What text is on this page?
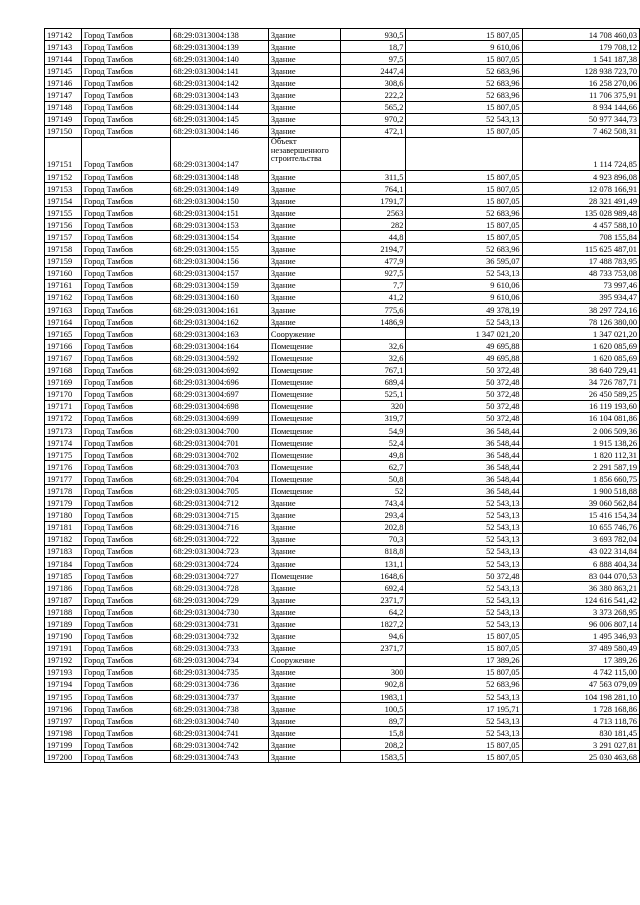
197142	Город Тамбов	68:29:0313004:138	Здание	930,5	15 807,05	14 708 460,03
197143	Город Тамбов	68:29:0313004:139	Здание	18,7	9 610,06	179 708,12
197144	Город Тамбов	68:29:0313004:140	Здание	97,5	15 807,05	1 541 187,38
197145	Город Тамбов	68:29:0313004:141	Здание	2447,4	52 683,96	128 938 723,70
197146	Город Тамбов	68:29:0313004:142	Здание	308,6	52 683,96	16 258 270,06
197147	Город Тамбов	68:29:0313004:143	Здание	222,2	52 683,96	11 706 375,91
197148	Город Тамбов	68:29:0313004:144	Здание	565,2	15 807,05	8 934 144,66
197149	Город Тамбов	68:29:0313004:145	Здание	970,2	52 543,13	50 977 344,73
197150	Город Тамбов	68:29:0313004:146	Здание	472,1	15 807,05	7 462 508,31
197151	Город Тамбов	68:29:0313004:147	Объект незавершенного строительства			1 114 724,85
197152	Город Тамбов	68:29:0313004:148	Здание	311,5	15 807,05	4 923 896,08
197153	Город Тамбов	68:29:0313004:149	Здание	764,1	15 807,05	12 078 166,91
197154	Город Тамбов	68:29:0313004:150	Здание	1791,7	15 807,05	28 321 491,49
197155	Город Тамбов	68:29:0313004:151	Здание	2563	52 683,96	135 028 989,48
197156	Город Тамбов	68:29:0313004:153	Здание	282	15 807,05	4 457 588,10
197157	Город Тамбов	68:29:0313004:154	Здание	44,8	15 807,05	708 155,84
197158	Город Тамбов	68:29:0313004:155	Здание	2194,7	52 683,96	115 625 487,01
197159	Город Тамбов	68:29:0313004:156	Здание	477,9	36 595,07	17 488 783,95
197160	Город Тамбов	68:29:0313004:157	Здание	927,5	52 543,13	48 733 753,08
197161	Город Тамбов	68:29:0313004:159	Здание	7,7	9 610,06	73 997,46
197162	Город Тамбов	68:29:0313004:160	Здание	41,2	9 610,06	395 934,47
197163	Город Тамбов	68:29:0313004:161	Здание	775,6	49 378,19	38 297 724,16
197164	Город Тамбов	68:29:0313004:162	Здание	1486,9	52 543,13	78 126 380,00
197165	Город Тамбов	68:29:0313004:163	Сооружение		1 347 021,20	1 347 021,20
197166	Город Тамбов	68:29:0313004:164	Помещение	32,6	49 695,88	1 620 085,69
197167	Город Тамбов	68:29:0313004:592	Помещение	32,6	49 695,88	1 620 085,69
197168	Город Тамбов	68:29:0313004:692	Помещение	767,1	50 372,48	38 640 729,41
197169	Город Тамбов	68:29:0313004:696	Помещение	689,4	50 372,48	34 726 787,71
197170	Город Тамбов	68:29:0313004:697	Помещение	525,1	50 372,48	26 450 589,25
197171	Город Тамбов	68:29:0313004:698	Помещение	320	50 372,48	16 119 193,60
197172	Город Тамбов	68:29:0313004:699	Помещение	319,7	50 372,48	16 104 081,86
197173	Город Тамбов	68:29:0313004:700	Помещение	54,9	36 548,44	2 006 509,36
197174	Город Тамбов	68:29:0313004:701	Помещение	52,4	36 548,44	1 915 138,26
197175	Город Тамбов	68:29:0313004:702	Помещение	49,8	36 548,44	1 820 112,31
197176	Город Тамбов	68:29:0313004:703	Помещение	62,7	36 548,44	2 291 587,19
197177	Город Тамбов	68:29:0313004:704	Помещение	50,8	36 548,44	1 856 660,75
197178	Город Тамбов	68:29:0313004:705	Помещение	52	36 548,44	1 900 518,88
197179	Город Тамбов	68:29:0313004:712	Здание	743,4	52 543,13	39 060 562,84
197180	Город Тамбов	68:29:0313004:715	Здание	293,4	52 543,13	15 416 154,34
197181	Город Тамбов	68:29:0313004:716	Здание	202,8	52 543,13	10 655 746,76
197182	Город Тамбов	68:29:0313004:722	Здание	70,3	52 543,13	3 693 782,04
197183	Город Тамбов	68:29:0313004:723	Здание	818,8	52 543,13	43 022 314,84
197184	Город Тамбов	68:29:0313004:724	Здание	131,1	52 543,13	6 888 404,34
197185	Город Тамбов	68:29:0313004:727	Помещение	1648,6	50 372,48	83 044 070,53
197186	Город Тамбов	68:29:0313004:728	Здание	692,4	52 543,13	36 380 863,21
197187	Город Тамбов	68:29:0313004:729	Здание	2371,7	52 543,13	124 616 541,42
197188	Город Тамбов	68:29:0313004:730	Здание	64,2	52 543,13	3 373 268,95
197189	Город Тамбов	68:29:0313004:731	Здание	1827,2	52 543,13	96 006 807,14
197190	Город Тамбов	68:29:0313004:732	Здание	94,6	15 807,05	1 495 346,93
197191	Город Тамбов	68:29:0313004:733	Здание	2371,7	15 807,05	37 489 580,49
197192	Город Тамбов	68:29:0313004:734	Сооружение		17 389,26	17 389,26
197193	Город Тамбов	68:29:0313004:735	Здание	300	15 807,05	4 742 115,00
197194	Город Тамбов	68:29:0313004:736	Здание	902,8	52 683,96	47 563 079,09
197195	Город Тамбов	68:29:0313004:737	Здание	1983,1	52 543,13	104 198 281,10
197196	Город Тамбов	68:29:0313004:738	Здание	100,5	17 195,71	1 728 168,86
197197	Город Тамбов	68:29:0313004:740	Здание	89,7	52 543,13	4 713 118,76
197198	Город Тамбов	68:29:0313004:741	Здание	15,8	52 543,13	830 181,45
197199	Город Тамбов	68:29:0313004:742	Здание	208,2	15 807,05	3 291 027,81
197200	Город Тамбов	68:29:0313004:743	Здание	1583,5	15 807,05	25 030 463,68
